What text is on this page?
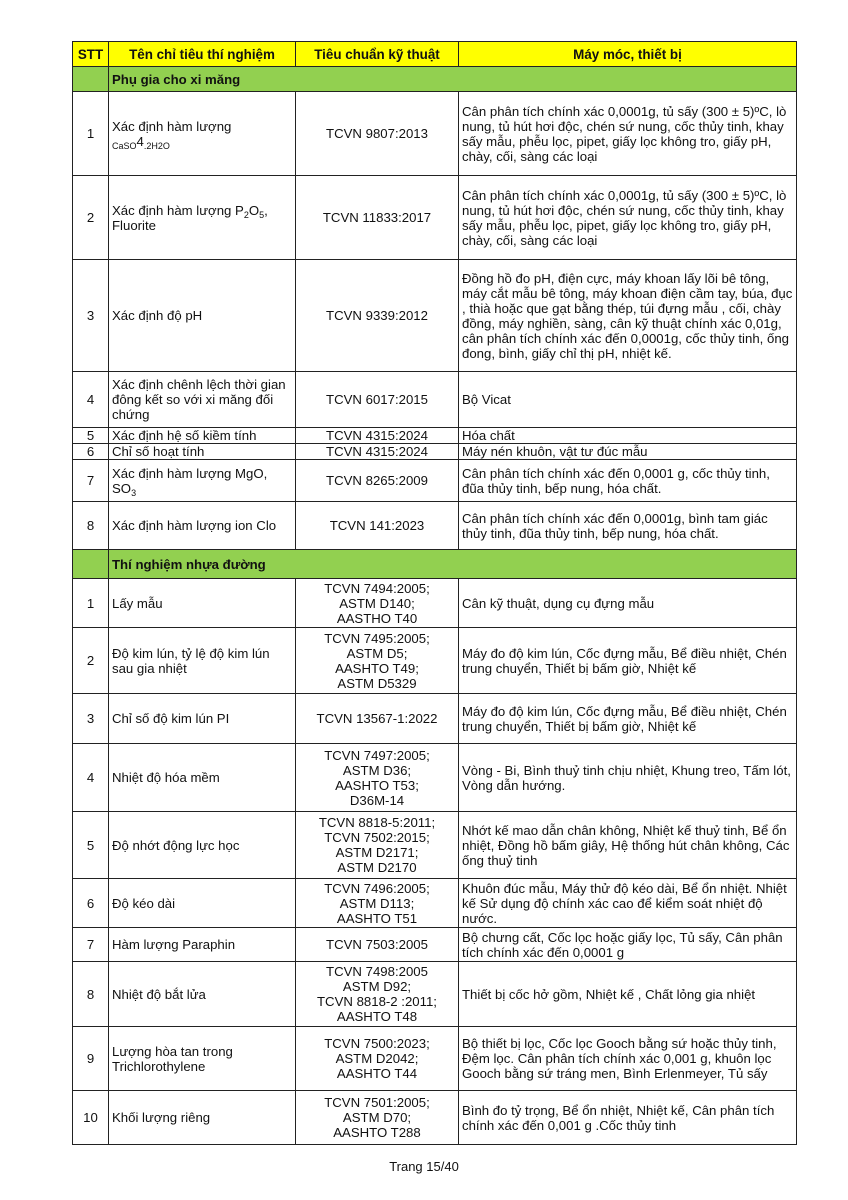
STT	Tên chỉ tiêu thí nghiệm	Tiêu chuẩn kỹ thuật	Máy móc, thiết bị
	Phụ gia cho xi măng		
1	Xác định hàm lượng $_{CaSO}4_{.2H2O}$	TCVN 9807:2013	Cân phân tích chính xác 0,0001g, tủ sấy (300 ± 5)ºC, lò nung, tủ hút hơi độc, chén sứ nung, cốc thủy tinh, khay sấy mẫu, phễu lọc, pipet, giấy lọc không tro, giấy pH, chày, cối, sàng các loại
2	Xác định hàm lượng $P_2O_5$, Fluorite	TCVN 11833:2017	Cân phân tích chính xác 0,0001g, tủ sấy (300 ± 5)ºC, lò nung, tủ hút hơi độc, chén sứ nung, cốc thủy tinh, khay sấy mẫu, phễu lọc, pipet, giấy lọc không tro, giấy pH, chày, cối, sàng các loại
3	Xác định độ pH	TCVN 9339:2012	Đồng hồ đo pH, điện cực, máy khoan lấy lõi bê tông, máy cắt mẫu bê tông, máy khoan điện cầm tay, búa, đục , thià hoặc que gạt bằng thép, túi đựng mẫu , cối, chày đồng, máy nghiền, sàng, cân kỹ thuật chính xác 0,01g, cân phân tích chính xác đến 0,0001g, cốc thủy tinh, ống đong, bình, giấy chỉ thị pH, nhiệt kế.
4	Xác định chênh lệch thời gian đông kết so với xi măng đối chứng	TCVN 6017:2015	Bộ Vicat
5	Xác định hệ số kiềm tính	TCVN 4315:2024	Hóa chất
6	Chỉ số hoạt tính	TCVN 4315:2024	Máy nén khuôn, vật tư đúc mẫu
7	Xác định hàm lượng MgO, $SO_3$	TCVN 8265:2009	Cân phân tích chính xác đến 0,0001 g, cốc thủy tinh, đũa thủy tinh, bếp nung, hóa chất.
8	Xác định hàm lượng ion Clo	TCVN 141:2023	Cân phân tích chính xác đến 0,0001g, bình tam giác thủy tinh, đũa thủy tinh, bếp nung, hóa chất.
	Thí nghiệm nhựa đường		
1	Lấy mẫu	TCVN 7494:2005;
ASTM D140;
AASTHO T40	Cân kỹ thuật, dụng cụ đựng mẫu
2	Độ kim lún, tỷ lệ độ kim lún sau gia nhiệt	TCVN 7495:2005;
ASTM D5;
AASHTO T49;
ASTM D5329	Máy đo độ kim lún, Cốc đựng mẫu, Bể điều nhiệt, Chén trung chuyển, Thiết bị bấm giờ, Nhiệt kế
3	Chỉ số độ kim lún PI	TCVN 13567-1:2022	Máy đo độ kim lún, Cốc đựng mẫu, Bể điều nhiệt, Chén trung chuyển, Thiết bị bấm giờ, Nhiệt kế
4	Nhiệt độ hóa mềm	TCVN 7497:2005;
ASTM D36;
AASHTO T53;
D36M-14	Vòng - Bi, Bình thuỷ tinh chịu nhiệt, Khung treo, Tấm lót, Vòng dẫn hướng.
5	Độ nhớt động lực học	TCVN 8818-5:2011;
TCVN 7502:2015;
ASTM D2171;
ASTM D2170	Nhớt kế mao dẫn chân không, Nhiệt kế thuỷ tinh, Bể ổn nhiệt, Đồng hồ bấm giây, Hệ thống hút chân không, Các ống thuỷ tinh
6	Độ kéo dài	TCVN 7496:2005;
ASTM D113;
AASHTO T51	Khuôn đúc mẫu, Máy thử độ kéo dài, Bể ổn nhiệt. Nhiệt kế Sử dụng độ chính xác cao để kiểm soát nhiệt độ nước.
7	Hàm lượng Paraphin	TCVN 7503:2005	Bộ chưng cất, Cốc lọc hoặc giấy lọc, Tủ sấy, Cân phân tích chính xác đến 0,0001 g
8	Nhiệt độ bắt lửa	TCVN 7498:2005
ASTM D92;
TCVN 8818-2 :2011;
AASHTO T48	Thiết bị cốc hở gồm, Nhiệt kế , Chất lỏng gia nhiệt
9	Lượng hòa tan trong Trichlorothylene	TCVN 7500:2023;
ASTM D2042;
AASHTO T44	Bộ thiết bị lọc, Cốc lọc Gooch bằng sứ hoặc thủy tinh, Đệm lọc. Cân phân tích chính xác 0,001 g, khuôn lọc Gooch bằng sứ tráng men, Bình Erlenmeyer, Tủ sấy
10	Khối lượng riêng	TCVN 7501:2005;
ASTM D70;
AASHTO T288	Bình đo tỷ trọng, Bể ổn nhiệt, Nhiệt kế, Cân phân tích chính xác đến 0,001 g .Cốc thủy tinh
Trang 15/40
